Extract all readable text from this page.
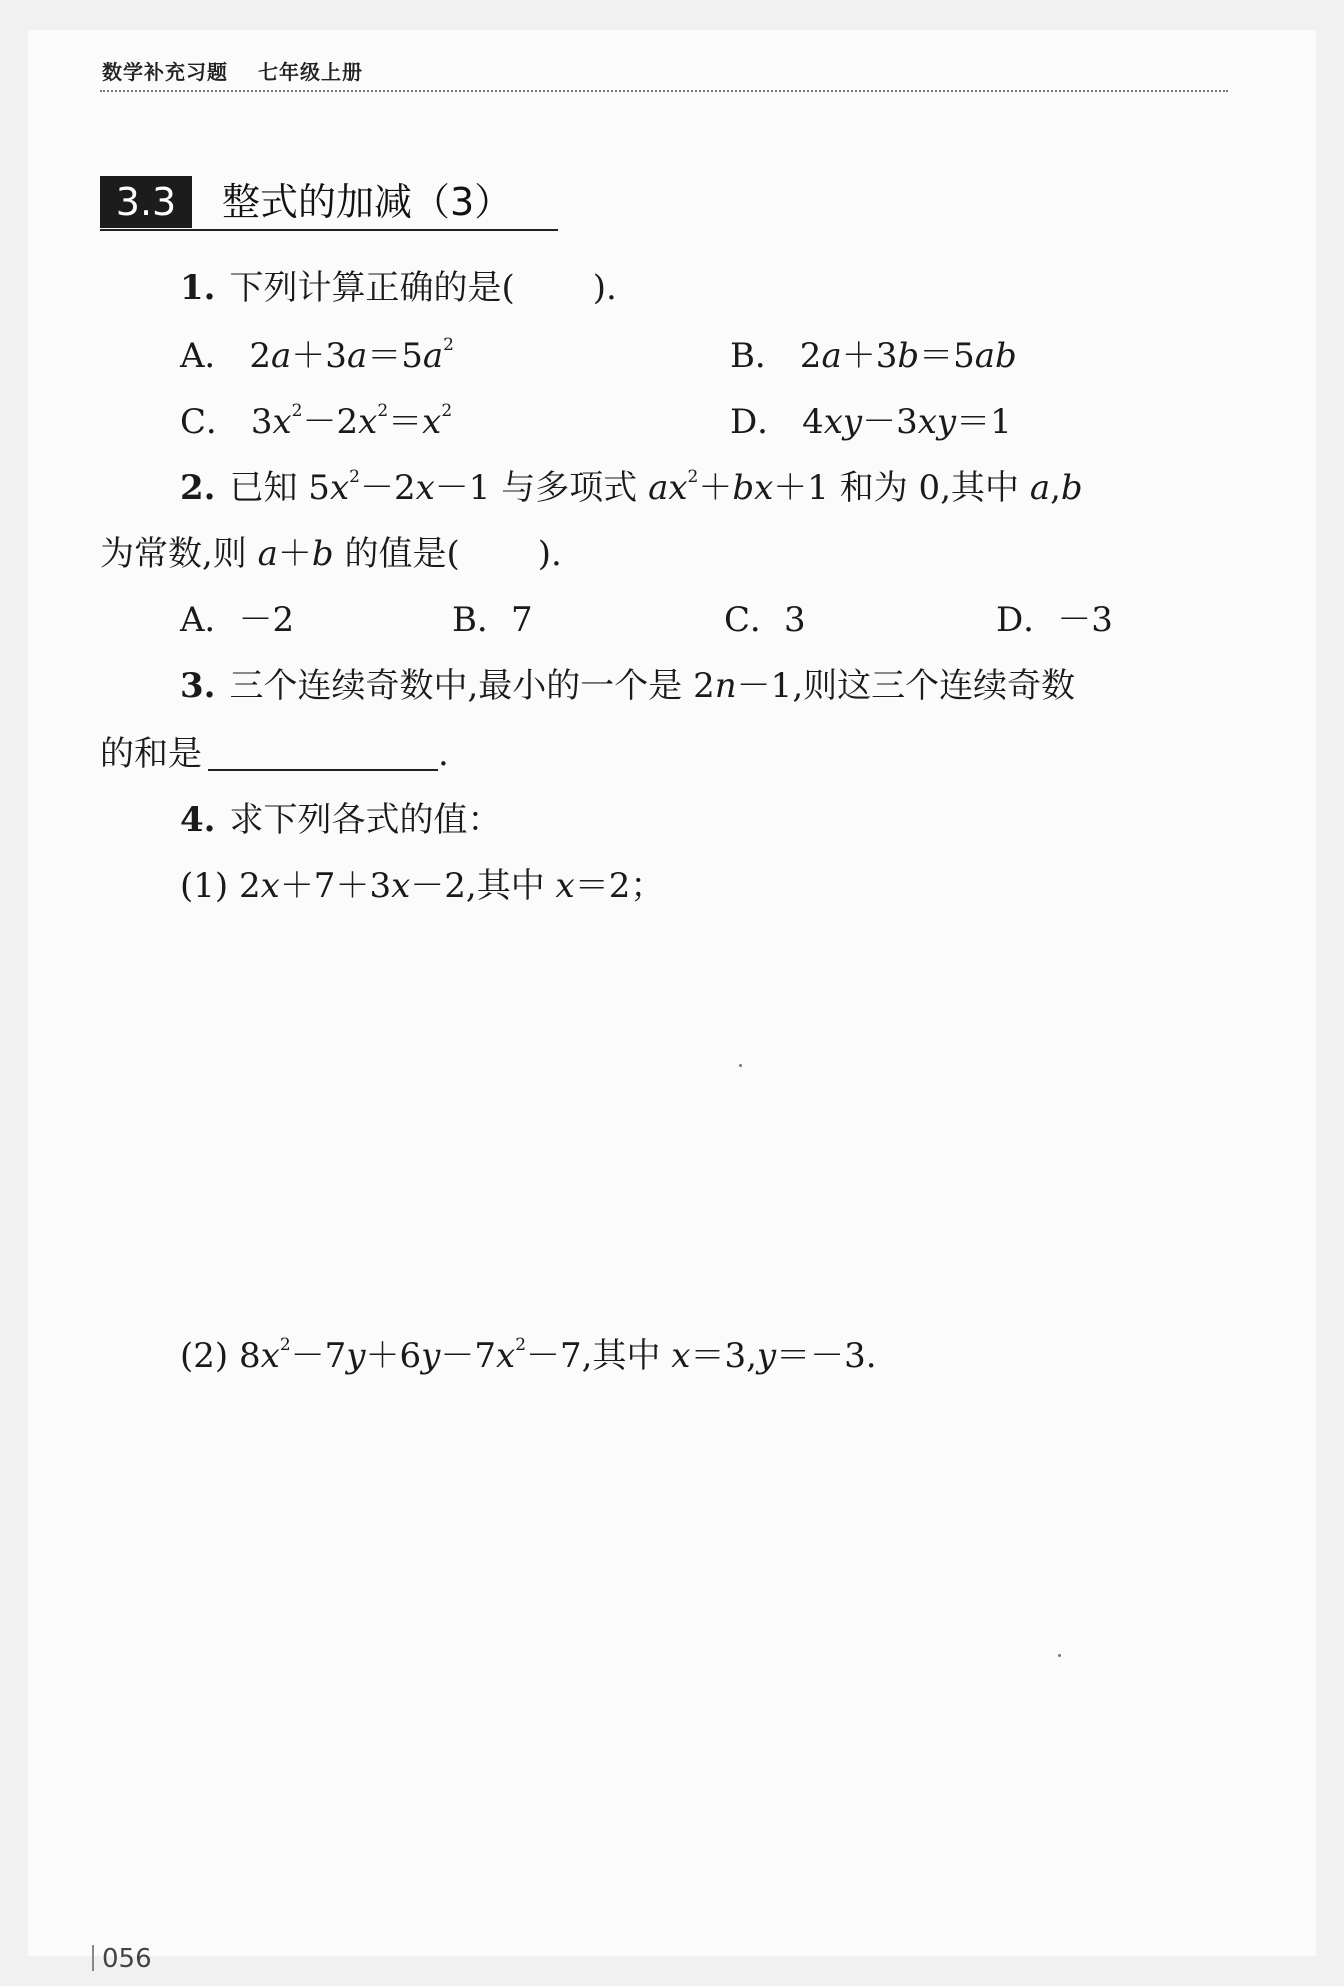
数学补充习题 七年级上册
3.3	整式的加减（3）
1. 下列计算正确的是( ).
A． $2a+3a=5a^2$	B． 2a＋3b＝5ab
C． $3x^2-2x^2=x^2$	D． 4xy－3xy＝1
2. 已知 $5x^2-2x-1$ 与多项式 $ax^2+bx+1$ 和为 0,其中 a,b
为常数,则 a＋b 的值是( ).
A．－2	B．7	C．3	D．－3
3. 三个连续奇数中,最小的一个是 2n－1,则这三个连续奇数
的和是	.
4. 求下列各式的值：
(1) 2x＋7＋3x－2,其中 x＝2；
(2) $8x^2-7y+6y-7x^2-7$,其中 x＝3,y＝－3.
056
